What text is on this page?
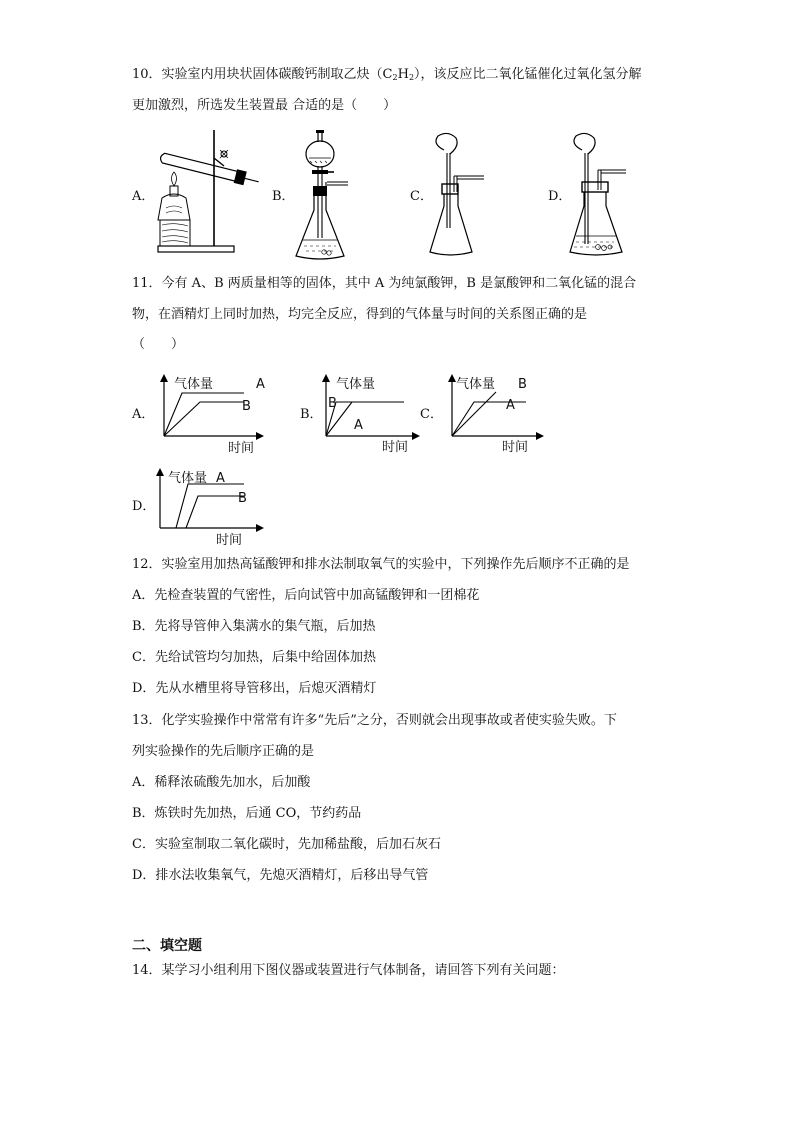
10．实验室内用块状固体碳酸钙制取乙炔$(C_2H_2)$，该反应比二氧化锰催化过氧化氢分解
更加激烈，所选发生装置最 合适的是（　　）
A．	B．	C．	D．
11．今有 A、B 两质量相等的固体，其中 A 为纯氯酸钾，B 是氯酸钾和二氧化锰的混合
物，在酒精灯上同时加热，均完全反应，得到的气体量与时间的关系图正确的是
（　　）
A．	B．	C．
D．
气体量	A
B
时间
气体量
B
A
时间
气体量 B
A
时间
气体量 A
B
时间
12．实验室用加热高锰酸钾和排水法制取氧气的实验中，下列操作先后顺序不正确的是
A．先检查装置的气密性，后向试管中加高锰酸钾和一团棉花
B．先将导管伸入集满水的集气瓶，后加热
C．先给试管均匀加热，后集中给固体加热
D．先从水槽里将导管移出，后熄灭酒精灯
13．化学实验操作中常常有许多“先后”之分，否则就会出现事故或者使实验失败。下
列实验操作的先后顺序正确的是
A．稀释浓硫酸先加水，后加酸
B．炼铁时先加热，后通 CO，节约药品
C．实验室制取二氧化碳时，先加稀盐酸，后加石灰石
D．排水法收集氧气，先熄灭酒精灯，后移出导气管
二、填空题
14．某学习小组利用下图仪器或装置进行气体制备，请回答下列有关问题：
